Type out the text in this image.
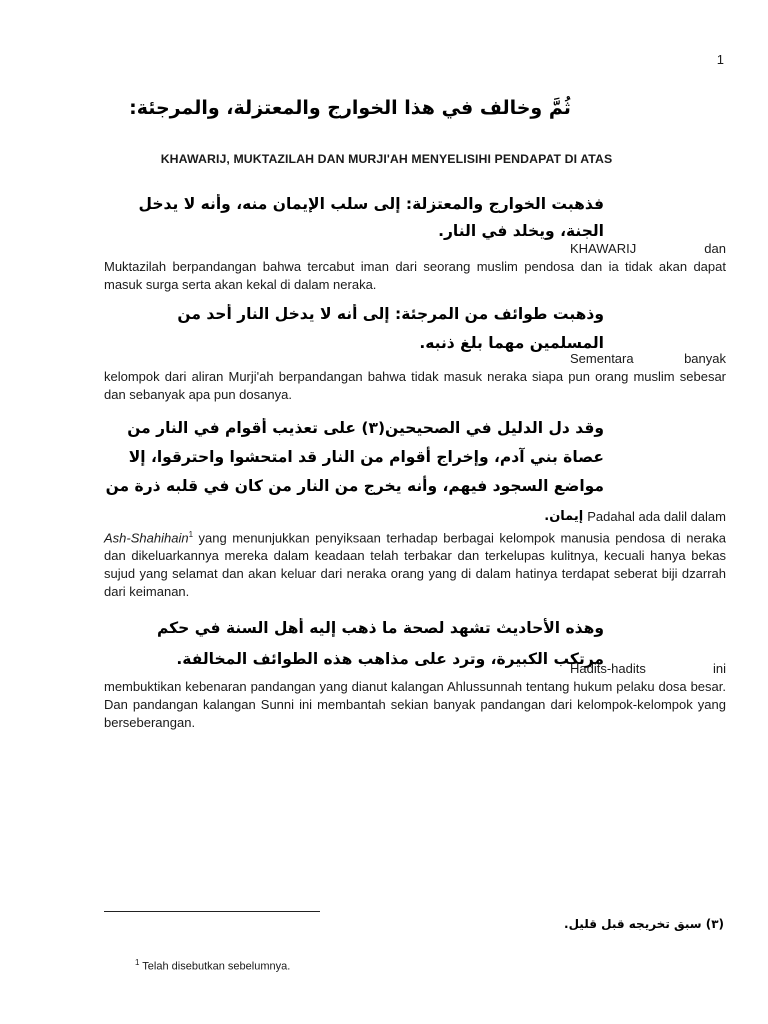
1
ثُمَّ وخالف في هذا الخوارج والمعتزلة، والمرجئة:
KHAWARIJ, MUKTAZILAH DAN MURJI'AH MENYELISIHI PENDAPAT DI ATAS
فذهبت الخوارج والمعتزلة: إلى سلب الإيمان منه، وأنه لا يدخل
الجنة، ويخلد في النار.
KHAWARIJ	dan
Muktazilah berpandangan bahwa tercabut iman dari seorang muslim pendosa dan ia tidak akan dapat masuk surga serta akan kekal di dalam neraka.
وذهبت طوائف من المرجئة: إلى أنه لا يدخل النار أحد من
المسلمين مهما بلغ ذنبه.
Sementara	banyak
kelompok dari aliran Murji'ah berpandangan bahwa tidak masuk neraka siapa pun orang muslim sebesar dan sebanyak apa pun dosanya.
وقد دل الدليل في الصحيحين(٣) على تعذيب أقوام في النار من
عصاة بني آدم، وإخراج أقوام من النار قد امتحشوا واحترقوا، إلا
مواضع السجود فيهم، وأنه يخرج من النار من كان في قلبه ذرة من
إيمان. Padahal ada dalil dalam
Ash-Shahihain$^1$ yang menunjukkan penyiksaan terhadap berbagai kelompok manusia pendosa di neraka dan dikeluarkannya mereka dalam keadaan telah terbakar dan terkelupas kulitnya, kecuali hanya bekas sujud yang selamat dan akan keluar dari neraka orang yang di dalam hatinya terdapat seberat biji dzarrah dari keimanan.
وهذه الأحاديث تشهد لصحة ما ذهب إليه أهل السنة في حكم
مرتكب الكبيرة، وترد على مذاهب هذه الطوائف المخالفة.
Hadits-hadits	ini
membuktikan kebenaran pandangan yang dianut kalangan Ahlussunnah tentang hukum pelaku dosa besar. Dan pandangan kalangan Sunni ini membantah sekian banyak pandangan dari kelompok-kelompok yang berseberangan.
(٣) سبق تخريجه قبل قليل.
$^1$ Telah disebutkan sebelumnya.
